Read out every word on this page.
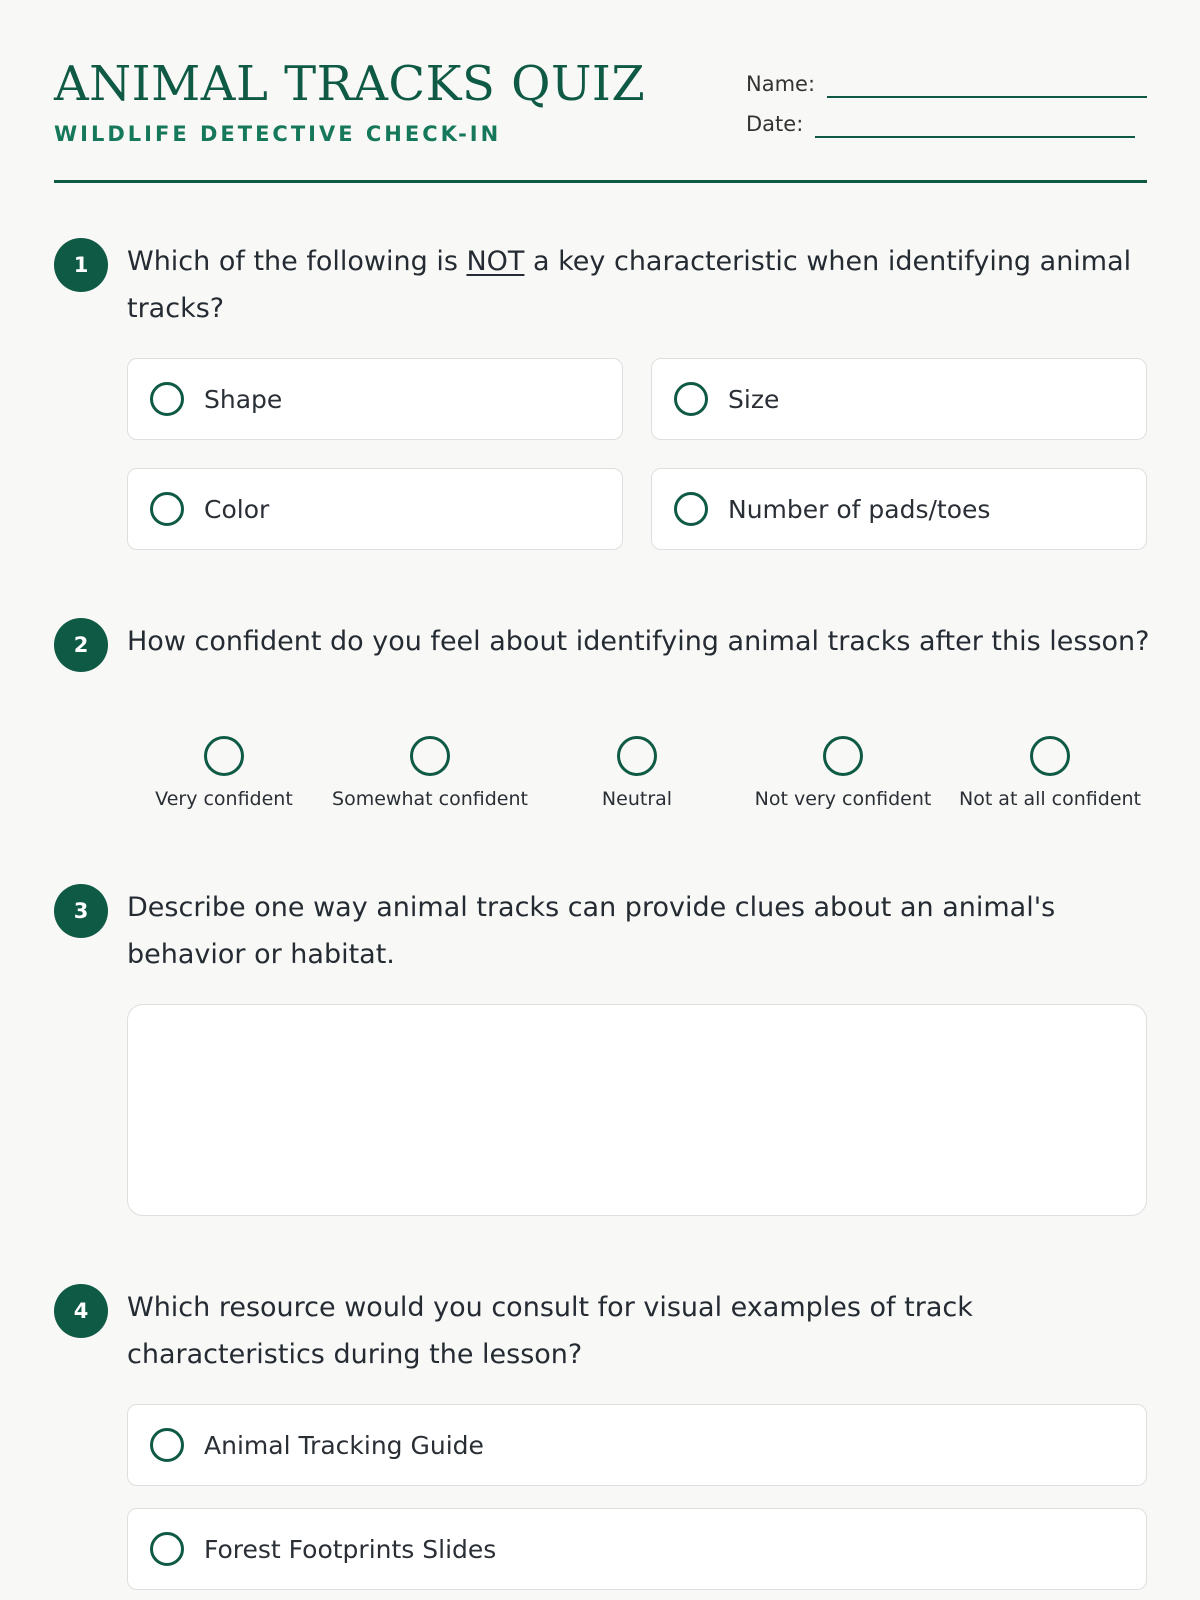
ANIMAL TRACKS QUIZ
WILDLIFE DETECTIVE CHECK-IN
Name:
Date:
1	Which of the following is NOT a key characteristic when identifying animal tracks?
Shape	Size
Color	Number of pads/toes
2	How confident do you feel about identifying animal tracks after this lesson?
Very confident Somewhat confident	Neutral	Not very confident Not at all confident
3	Describe one way animal tracks can provide clues about an animal's behavior or habitat.
4	Which resource would you consult for visual examples of track characteristics during the lesson?
Animal Tracking Guide
Forest Footprints Slides
